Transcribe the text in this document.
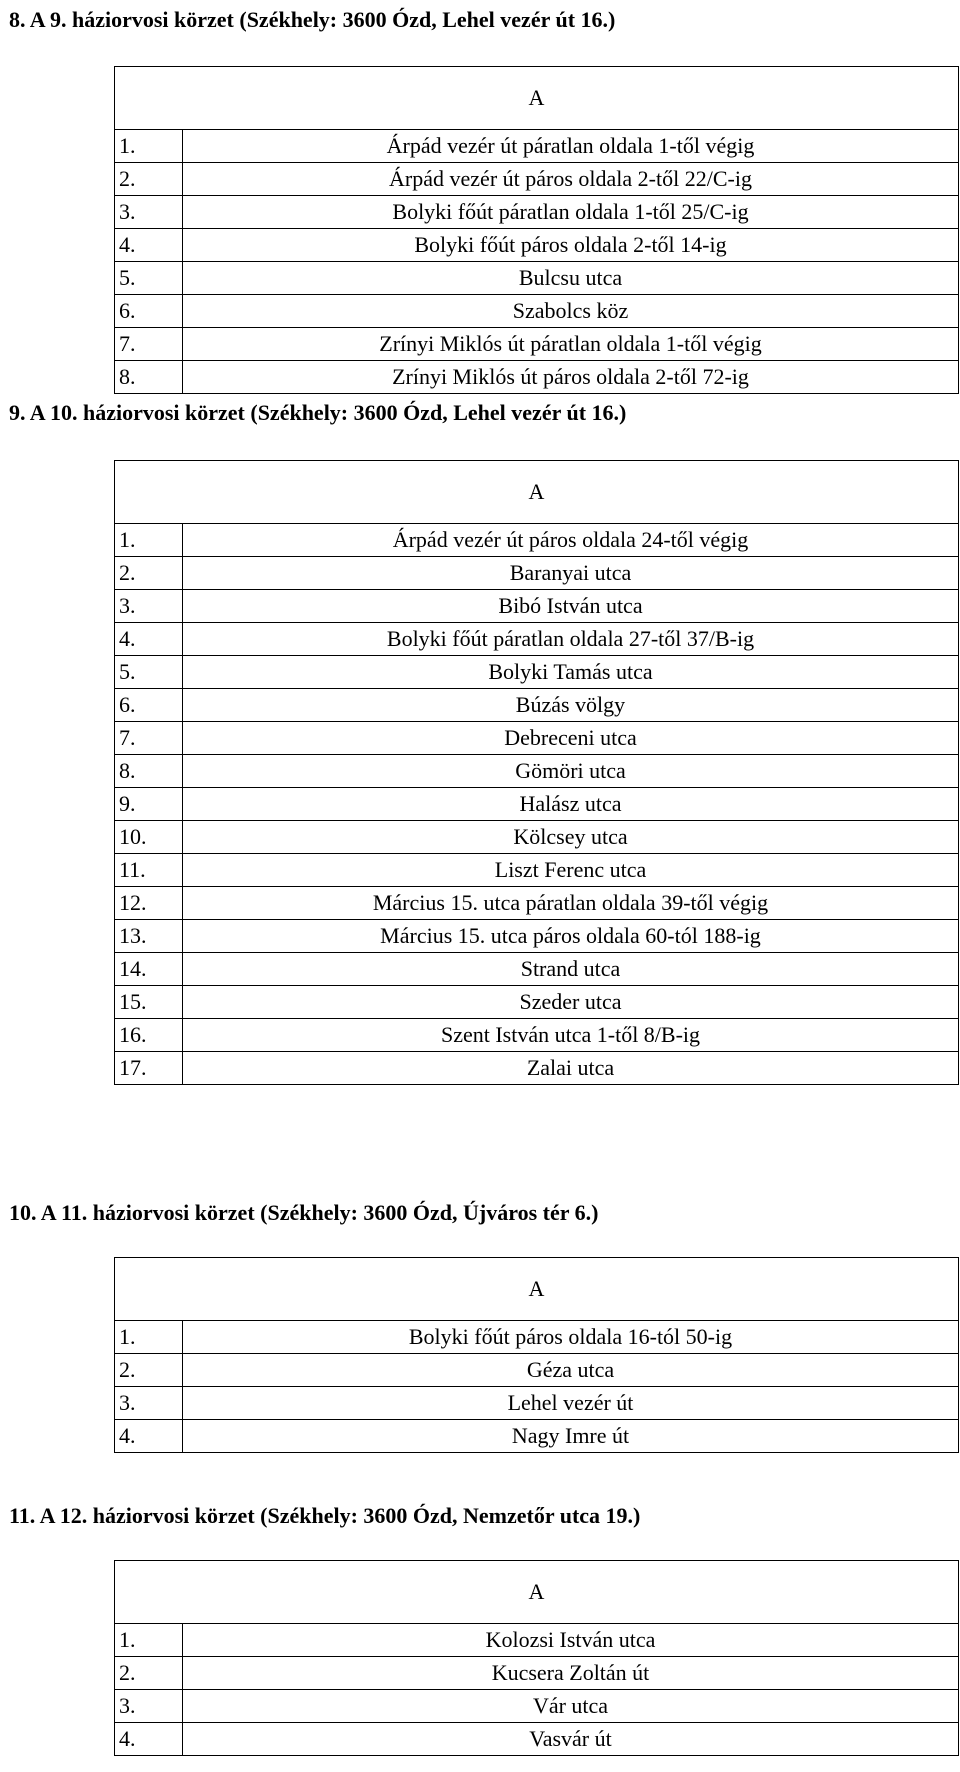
8. A 9. háziorvosi körzet (Székhely: 3600 Ózd, Lehel vezér út 16.)
A	
1.	Árpád vezér út páratlan oldala 1-től végig
2.	Árpád vezér út páros oldala 2-től 22/C-ig
3.	Bolyki főút páratlan oldala 1-től 25/C-ig
4.	Bolyki főút páros oldala 2-től 14-ig
5.	Bulcsu utca
6.	Szabolcs köz
7.	Zrínyi Miklós út páratlan oldala 1-től végig
8.	Zrínyi Miklós út páros oldala 2-től 72-ig
9. A 10. háziorvosi körzet (Székhely: 3600 Ózd, Lehel vezér út 16.)
A	
1.	Árpád vezér út páros oldala 24-től végig
2.	Baranyai utca
3.	Bibó István utca
4.	Bolyki főút páratlan oldala 27-től 37/B-ig
5.	Bolyki Tamás utca
6.	Búzás völgy
7.	Debreceni utca
8.	Gömöri utca
9.	Halász utca
10.	Kölcsey utca
11.	Liszt Ferenc utca
12.	Március 15. utca páratlan oldala 39-től végig
13.	Március 15. utca páros oldala 60-tól 188-ig
14.	Strand utca
15.	Szeder utca
16.	Szent István utca 1-től 8/B-ig
17.	Zalai utca
10. A 11. háziorvosi körzet (Székhely: 3600 Ózd, Újváros tér 6.)
A	
1.	Bolyki főút páros oldala 16-tól 50-ig
2.	Géza utca
3.	Lehel vezér út
4.	Nagy Imre út
11. A 12. háziorvosi körzet (Székhely: 3600 Ózd, Nemzetőr utca 19.)
A	
1.	Kolozsi István utca
2.	Kucsera Zoltán út
3.	Vár utca
4.	Vasvár út
